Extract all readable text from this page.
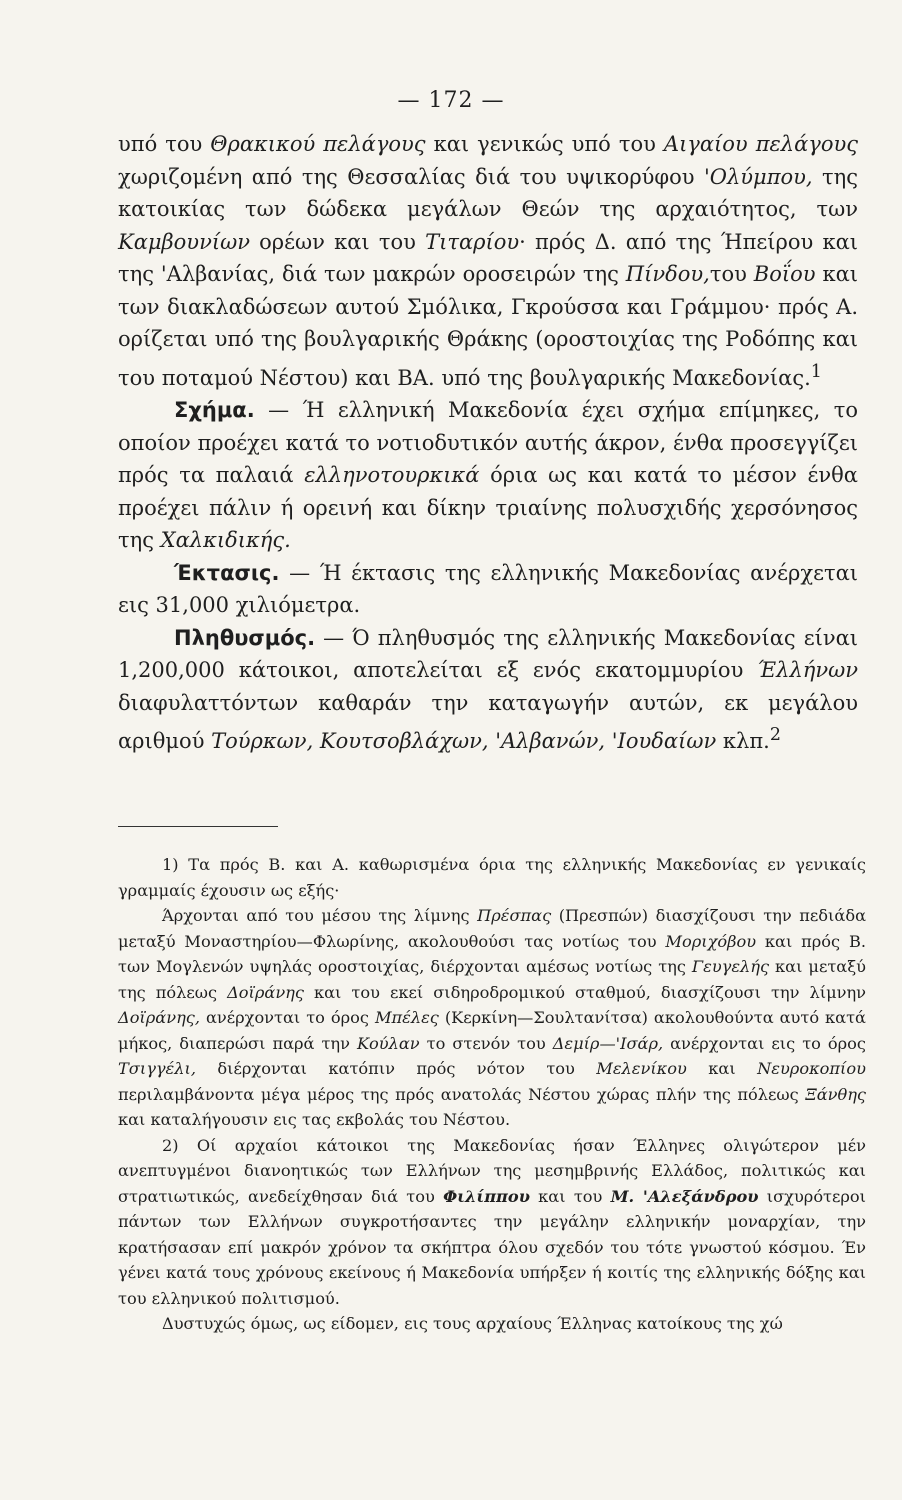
— 172 —

υπό του Θρακικού πελάγους και γενικώς υπό του Αιγαίου πελάγους χωριζομένη από της Θεσσαλίας διά του υψικορύφου 'Ολύμπου, της κατοικίας των δώδεκα μεγάλων Θεών της αρχαιότητος, των Καμβουνίων ορέων και του Τιταρίου· πρός Δ. από της Ήπείρου και της 'Αλβανίας, διά των μακρών οροσειρών της Πίνδου,του Βοΐου και των διακλαδώσεων αυτού Σμόλικα, Γκρούσσα και Γράμμου· πρός Α. ορίζεται υπό της βουλγαρικής Θράκης (οροστοιχίας της Ροδόπης και του ποταμού Νέστου) και ΒΑ. υπό της βουλγαρικής Μακεδονίας.$^1$

Σχήμα. — Ή ελληνική Μακεδονία έχει σχήμα επίμηκες, το οποίον προέχει κατά το νοτιοδυτικόν αυτής άκρον, ένθα προσεγγίζει πρός τα παλαιά ελληνοτουρκικά όρια ως και κατά το μέσον ένθα προέχει πάλιν ή ορεινή και δίκην τριαίνης πολυσχιδής χερσόνησος της Χαλκιδικής.

Έκτασις. — Ή έκτασις της ελληνικής Μακεδονίας ανέρχεται εις 31,000 χιλιόμετρα.

Πληθυσμός. — Ό πληθυσμός της ελληνικής Μακεδονίας είναι 1,200,000 κάτοικοι, αποτελείται εξ ενός εκατομμυρίου Έλλήνων διαφυλαττόντων καθαράν την καταγωγήν αυτών, εκ μεγάλου αριθμού Τούρκων, Κουτσοβλάχων, 'Αλβανών, 'Ιουδαίων κλπ.$^2$

1) Τα πρός Β. και Α. καθωρισμένα όρια της ελληνικής Μακεδονίας εν γενικαίς γραμμαίς έχουσιν ως εξής·

Άρχονται από του μέσου της λίμνης Πρέσπας (Πρεσπών) διασχίζουσι την πεδιάδα μεταξύ Μοναστηρίου—Φλωρίνης, ακολουθούσι τας νοτίως του Μοριχόβου και πρός Β. των Μογλενών υψηλάς οροστοιχίας, διέρχονται αμέσως νοτίως της Γευγελής και μεταξύ της πόλεως Δοϊράνης και του εκεί σιδηροδρομικού σταθμού, διασχίζουσι την λίμνην Δοϊράνης, ανέρχονται το όρος Μπέλες (Κερκίνη—Σουλτανίτσα) ακολουθούντα αυτό κατά μήκος, διαπερώσι παρά την Κούλαν το στενόν του Δεμίρ—'Ισάρ, ανέρχονται εις το όρος Τσιγγέλι, διέρχονται κατόπιν πρός νότον του Μελενίκου και Νευροκοπίου περιλαμβάνοντα μέγα μέρος της πρός ανατολάς Νέστου χώρας πλήν της πόλεως Ξάνθης και καταλήγουσιν εις τας εκβολάς του Νέστου.

2) Οί αρχαίοι κάτοικοι της Μακεδονίας ήσαν Έλληνες ολιγώτερον μέν ανεπτυγμένοι διανοητικώς των Ελλήνων της μεσημβρινής Ελλάδος, πολιτικώς και στρατιωτικώς, ανεδείχθησαν διά του Φιλίππου και του Μ. 'Αλεξάνδρου ισχυρότεροι πάντων των Ελλήνων συγκροτήσαντες την μεγάλην ελληνικήν μοναρχίαν, την κρατήσασαν επί μακρόν χρόνον τα σκήπτρα όλου σχεδόν του τότε γνωστού κόσμου. Έν γένει κατά τους χρόνους εκείνους ή Μακεδονία υπήρξεν ή κοιτίς της ελληνικής δόξης και του ελληνικού πολιτισμού.

Δυστυχώς όμως, ως είδομεν, εις τους αρχαίους Έλληνας κατοίκους της χώ
